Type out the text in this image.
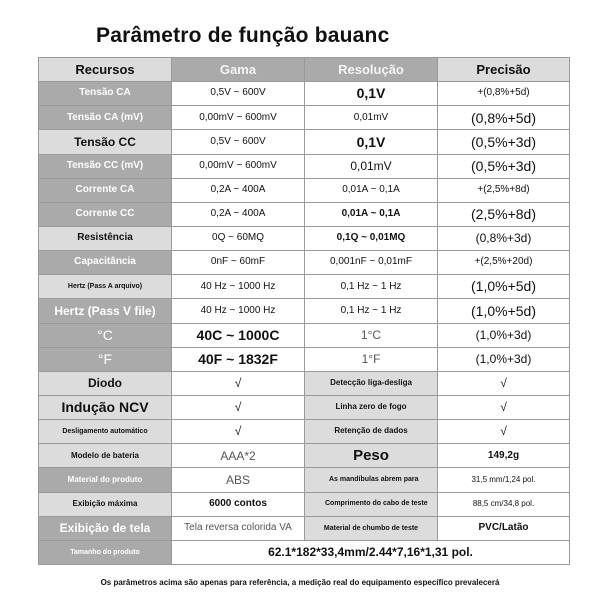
Parâmetro de função bauanc
Recursos	Gama	Resolução	Precisão
Tensão CA	0,5V ~ 600V	0,1V	+(0,8%+5d)
Tensão CA (mV)	0,00mV ~ 600mV	0,01mV	(0,8%+5d)
Tensão CC	0,5V ~ 600V	0,1V	(0,5%+3d)
Tensão CC (mV)	0,00mV ~ 600mV	0,01mV	(0,5%+3d)
Corrente CA	0,2A ~ 400A	0,01A ~ 0,1A	+(2,5%+8d)
Corrente CC	0,2A ~ 400A	0,01A ~ 0,1A	(2,5%+8d)
Resistência	0Q ~ 60MQ	0,1Q ~ 0,01MQ	(0,8%+3d)
Capacitância	0nF ~ 60mF	0,001nF ~ 0,01mF	+(2,5%+20d)
Hertz (Pass A arquivo)	40 Hz ~ 1000 Hz	0,1 Hz ~ 1 Hz	(1,0%+5d)
Hertz (Pass V file)	40 Hz ~ 1000 Hz	0,1 Hz ~ 1 Hz	(1,0%+5d)
°C	40C ~ 1000C	1°C	(1,0%+3d)
°F	40F ~ 1832F	1°F	(1,0%+3d)
Diodo	√	Detecção liga-desliga	√
Indução NCV	√	Linha zero de fogo	√
Desligamento automático	√	Retenção de dados	√
Modelo de bateria	AAA*2	Peso	149,2g
Material do produto	ABS	As mandíbulas abrem para	31,5 mm/1,24 pol.
Exibição máxima	6000 contos	Comprimento do cabo de teste	88,5 cm/34,8 pol.
Exibição de tela	Tela reversa colorida VA	Material de chumbo de teste	PVC/Latão
Tamanho do produto	62.1*182*33,4mm/2.44*7,16*1,31 pol.		
Os parâmetros acima são apenas para referência, a medição real do equipamento específico prevalecerá
